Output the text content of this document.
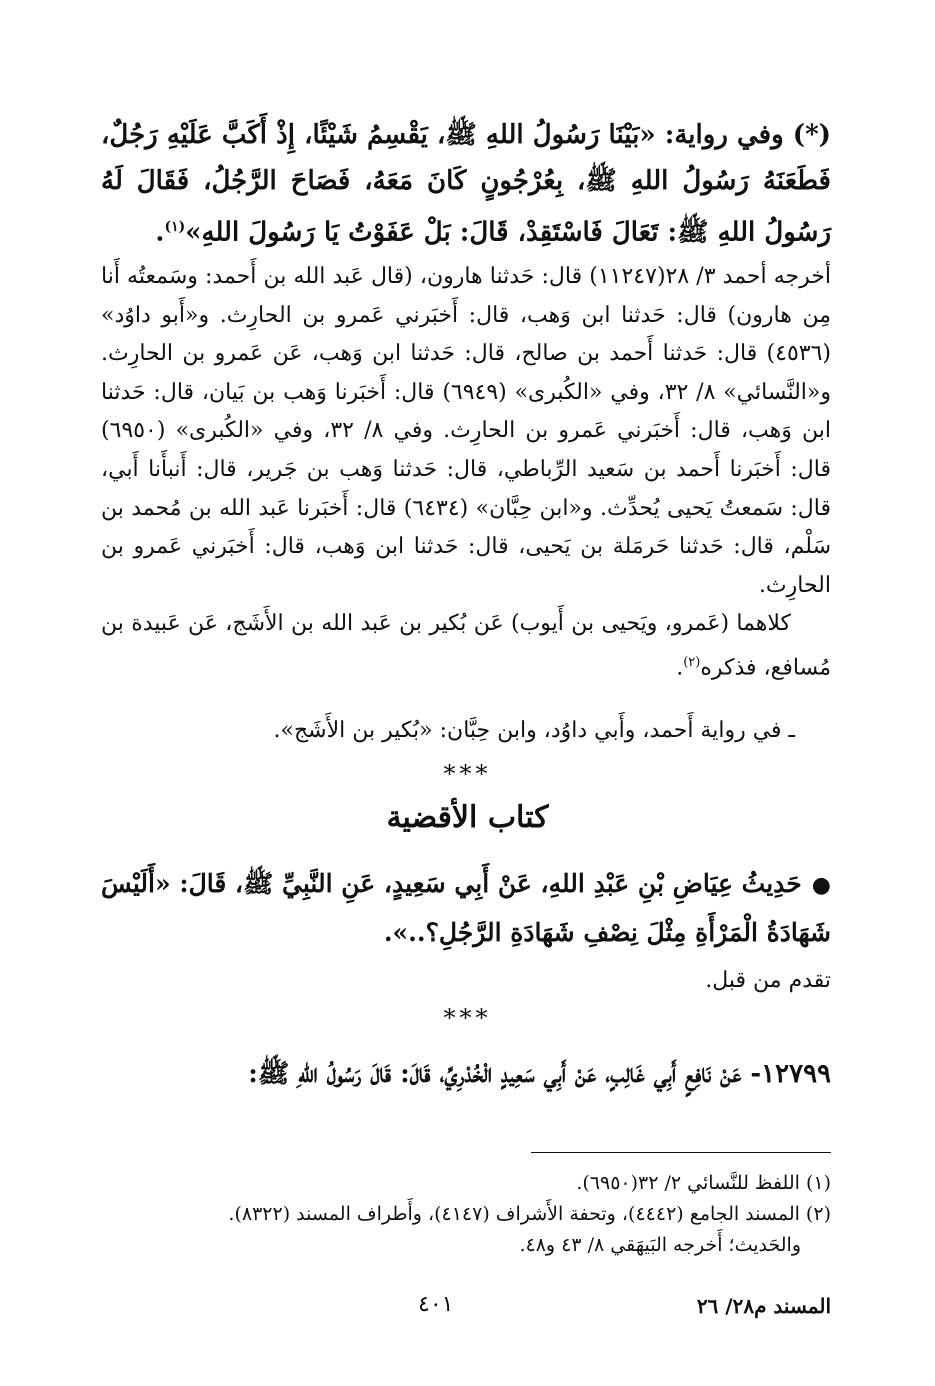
(*) وفي رواية: «بَيْنَا رَسُولُ اللهِ ﷺ، يَقْسِمُ شَيْئًا، إِذْ أَكَبَّ عَلَيْهِ رَجُلٌ، فَطَعَنَهُ رَسُولُ اللهِ ﷺ، بِعُرْجُونٍ كَانَ مَعَهُ، فَصَاحَ الرَّجُلُ، فَقَالَ لَهُ رَسُولُ اللهِ ﷺ: تَعَالَ فَاسْتَقِدْ، قَالَ: بَلْ عَفَوْتُ يَا رَسُولَ اللهِ»$^{(١)}$.

أخرجه أحمد ٣/ ٢٨(١١٢٤٧) قال: حَدثنا هارون، (قال عَبد الله بن أَحمد: وسَمعتُه أَنا مِن هارون) قال: حَدثنا ابن وَهب، قال: أَخبَرني عَمرو بن الحارِث. و«أَبو داوُد» (٤٥٣٦) قال: حَدثنا أَحمد بن صالح، قال: حَدثنا ابن وَهب، عَن عَمرو بن الحارِث. و«النَّسائي» ٨/ ٣٢، وفي «الكُبرى» (٦٩٤٩) قال: أَخبَرنا وَهب بن بَيان، قال: حَدثنا ابن وَهب، قال: أَخبَرني عَمرو بن الحارِث. وفي ٨/ ٣٢، وفي «الكُبرى» (٦٩٥٠) قال: أَخبَرنا أَحمد بن سَعيد الرِّباطي، قال: حَدثنا وَهب بن جَرير، قال: أَنبأَنا أَبي، قال: سَمعتُ يَحيى يُحدِّث. و«ابن حِبَّان» (٦٤٣٤) قال: أَخبَرنا عَبد الله بن مُحمد بن سَلْم، قال: حَدثنا حَرمَلة بن يَحيى، قال: حَدثنا ابن وَهب، قال: أَخبَرني عَمرو بن الحارِث.

كلاهما (عَمرو، ويَحيى بن أَيوب) عَن بُكير بن عَبد الله بن الأَشَج، عَن عَبيدة بن مُسافع، فذكره$^{(٢)}$.

ـ في رواية أَحمد، وأَبي داوُد، وابن حِبَّان: «بُكير بن الأَشَج».
***
كتاب الأقضية
●حَدِيثُ عِيَاضِ بْنِ عَبْدِ اللهِ، عَنْ أَبِي سَعِيدٍ، عَنِ النَّبِيِّ ﷺ، قَالَ: «أَلَيْسَ شَهَادَةُ الْمَرْأَةِ مِثْلَ نِصْفِ شَهَادَةِ الرَّجُلِ؟..».
تقدم من قبل.
***
١٢٧٩٩- عَنْ نَافِعٍ أَبِي غَالِبٍ، عَنْ أَبِي سَعِيدٍ الْخُدْرِيِّ، قَالَ: قَالَ رَسُولُ اللهِ ﷺ:

(١) اللفظ للنَّسائي ٢/ ٣٢(٦٩٥٠).

(٢) المسند الجامع (٤٤٤٢)، وتحفة الأَشراف (٤١٤٧)، وأَطراف المسند (٨٣٢٢).

والحَديث؛ أَخرجه البَيهَقي ٨/ ٤٣ و٤٨.

٤٠١	المسند م٢٨/ ٢٦
